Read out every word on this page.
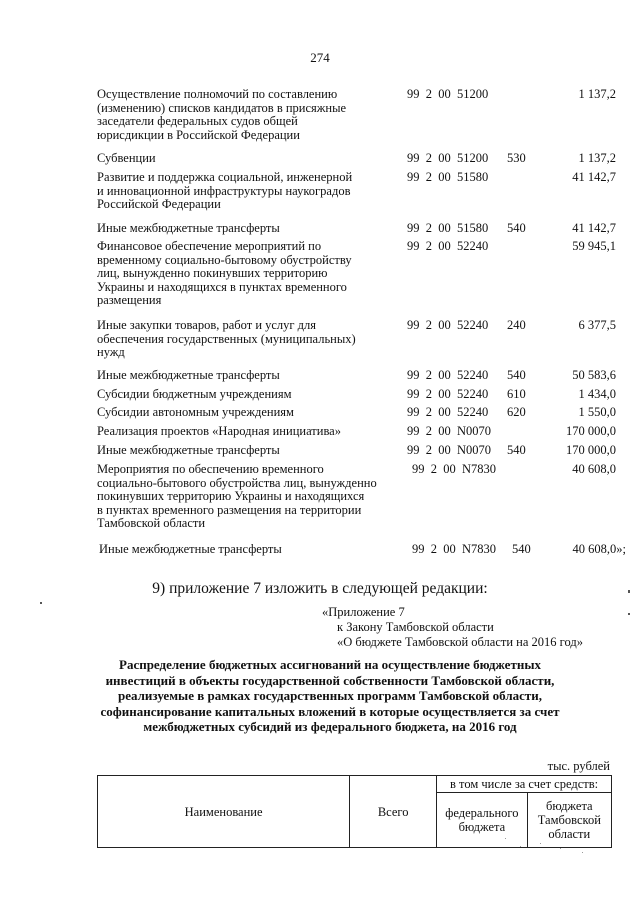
274
Осуществление полномочий по составлению
(изменению) списков кандидатов в присяжные
заседатели федеральных судов общей
юрисдикции в Российской Федерации
99  2  00  51200	1 137,2
Субвенции	99  2  00  51200 530	1 137,2
Развитие и поддержка социальной, инженерной
и инновационной инфраструктуры наукоградов
Российской Федерации
99  2  00  51580	41 142,7
Иные межбюджетные трансферты	99  2  00  51580 540	41 142,7
Финансовое обеспечение мероприятий по
временному социально-бытовому обустройству
лиц, вынужденно покинувших территорию
Украины и находящихся в пунктах временного
размещения
99  2  00  52240	59 945,1
Иные закупки товаров, работ и услуг для
обеспечения государственных (муниципальных)
нужд
99  2  00  52240 240	6 377,5
Иные межбюджетные трансферты	99  2  00  52240 540	50 583,6
Субсидии бюджетным учреждениям	99  2  00  52240 610	1 434,0
Субсидии автономным учреждениям	99  2  00  52240 620	1 550,0
Реализация проектов «Народная инициатива»	99  2  00  N0070	170 000,0
Иные межбюджетные трансферты	99  2  00  N0070 540	170 000,0
Мероприятия по обеспечению временного
социально-бытового обустройства лиц, вынужденно
покинувших территорию Украины и находящихся
в пунктах временного размещения на территории
Тамбовской области
99  2  00  N7830	40 608,0
Иные межбюджетные трансферты	99  2  00  N7830 540	40 608,0»;
9) приложение 7 изложить в следующей редакции:
«Приложение 7
к Закону Тамбовской области
«О бюджете Тамбовской области на 2016 год»
Распределение бюджетных ассигнований на осуществление бюджетных
инвестиций в объекты государственной собственности Тамбовской области,
реализуемые в рамках государственных программ Тамбовской области,
софинансирование капитальных вложений в которые осуществляется за счет
межбюджетных субсидий из федерального бюджета, на 2016 год
тыс. рублей
Наименование	Всего	в том числе за счет средств:	
		федерального бюджета	бюджета Тамбовской области
